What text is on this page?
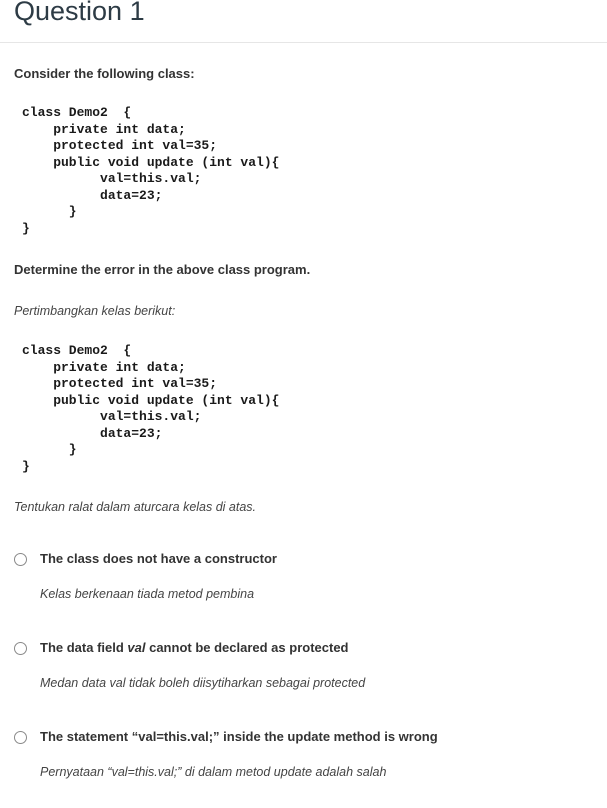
Question 1
Consider the following class:
class Demo2  {
private int data;
protected int val=35;
public void update (int val){
val=this.val;
data=23;
}
}
Determine the error in the above class program.
Pertimbangkan kelas berikut:
class Demo2  {
private int data;
protected int val=35;
public void update (int val){
val=this.val;
data=23;
}
}
Tentukan ralat dalam aturcara kelas di atas.
The class does not have a constructor
Kelas berkenaan tiada metod pembina
The data field val cannot be declared as protected
Medan data val tidak boleh diisytiharkan sebagai protected
The statement “val=this.val;” inside the update method is wrong
Pernyataan “val=this.val;” di dalam metod update adalah salah
